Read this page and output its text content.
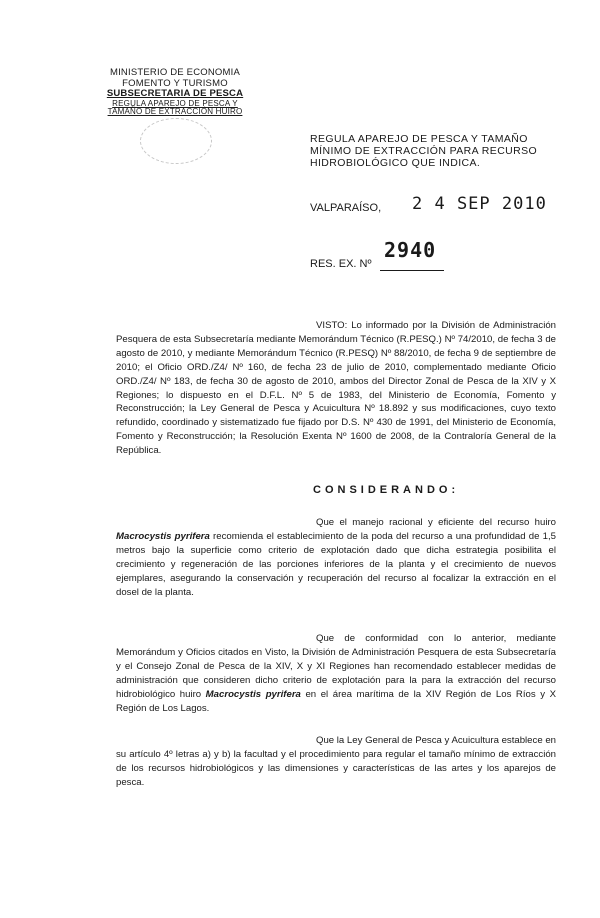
MINISTERIO DE ECONOMIA
FOMENTO Y TURISMO
SUBSECRETARIA DE PESCA
REGULA APAREJO DE PESCA Y
TAMAÑO DE EXTRACCIÓN HUIRO
REGULA APAREJO DE PESCA Y TAMAÑO MÍNIMO DE EXTRACCIÓN PARA RECURSO HIDROBIOLÓGICO QUE INDICA.
VALPARAÍSO, 2 4 SEP 2010
RES. EX. Nº
2940
VISTO: Lo informado por la División de Administración Pesquera de esta Subsecretaría mediante Memorándum Técnico (R.PESQ.) Nº 74/2010, de fecha 3 de agosto de 2010, y mediante Memorándum Técnico (R.PESQ) Nº 88/2010, de fecha 9 de septiembre de 2010; el Oficio ORD./Z4/ Nº 160, de fecha 23 de julio de 2010, complementado mediante Oficio ORD./Z4/ Nº 183, de fecha 30 de agosto de 2010, ambos del Director Zonal de Pesca de la XIV y X Regiones; lo dispuesto en el D.F.L. Nº 5 de 1983, del Ministerio de Economía, Fomento y Reconstrucción; la Ley General de Pesca y Acuicultura Nº 18.892 y sus modificaciones, cuyo texto refundido, coordinado y sistematizado fue fijado por D.S. Nº 430 de 1991, del Ministerio de Economía, Fomento y Reconstrucción; la Resolución Exenta Nº 1600 de 2008, de la Contraloría General de la República.
CONSIDERANDO:
Que el manejo racional y eficiente del recurso huiro Macrocystis pyrifera recomienda el establecimiento de la poda del recurso a una profundidad de 1,5 metros bajo la superficie como criterio de explotación dado que dicha estrategia posibilita el crecimiento y regeneración de las porciones inferiores de la planta y el crecimiento de nuevos ejemplares, asegurando la conservación y recuperación del recurso al focalizar la extracción en el dosel de la planta.
Que de conformidad con lo anterior, mediante Memorándum y Oficios citados en Visto, la División de Administración Pesquera de esta Subsecretaría y el Consejo Zonal de Pesca de la XIV, X y XI Regiones han recomendado establecer medidas de administración que consideren dicho criterio de explotación para la para la extracción del recurso hidrobiológico huiro Macrocystis pyrifera en el área marítima de la XIV Región de Los Ríos y X Región de Los Lagos.
Que la Ley General de Pesca y Acuicultura establece en su artículo 4º letras a) y b) la facultad y el procedimiento para regular el tamaño mínimo de extracción de los recursos hidrobiológicos y las dimensiones y características de las artes y los aparejos de pesca.
